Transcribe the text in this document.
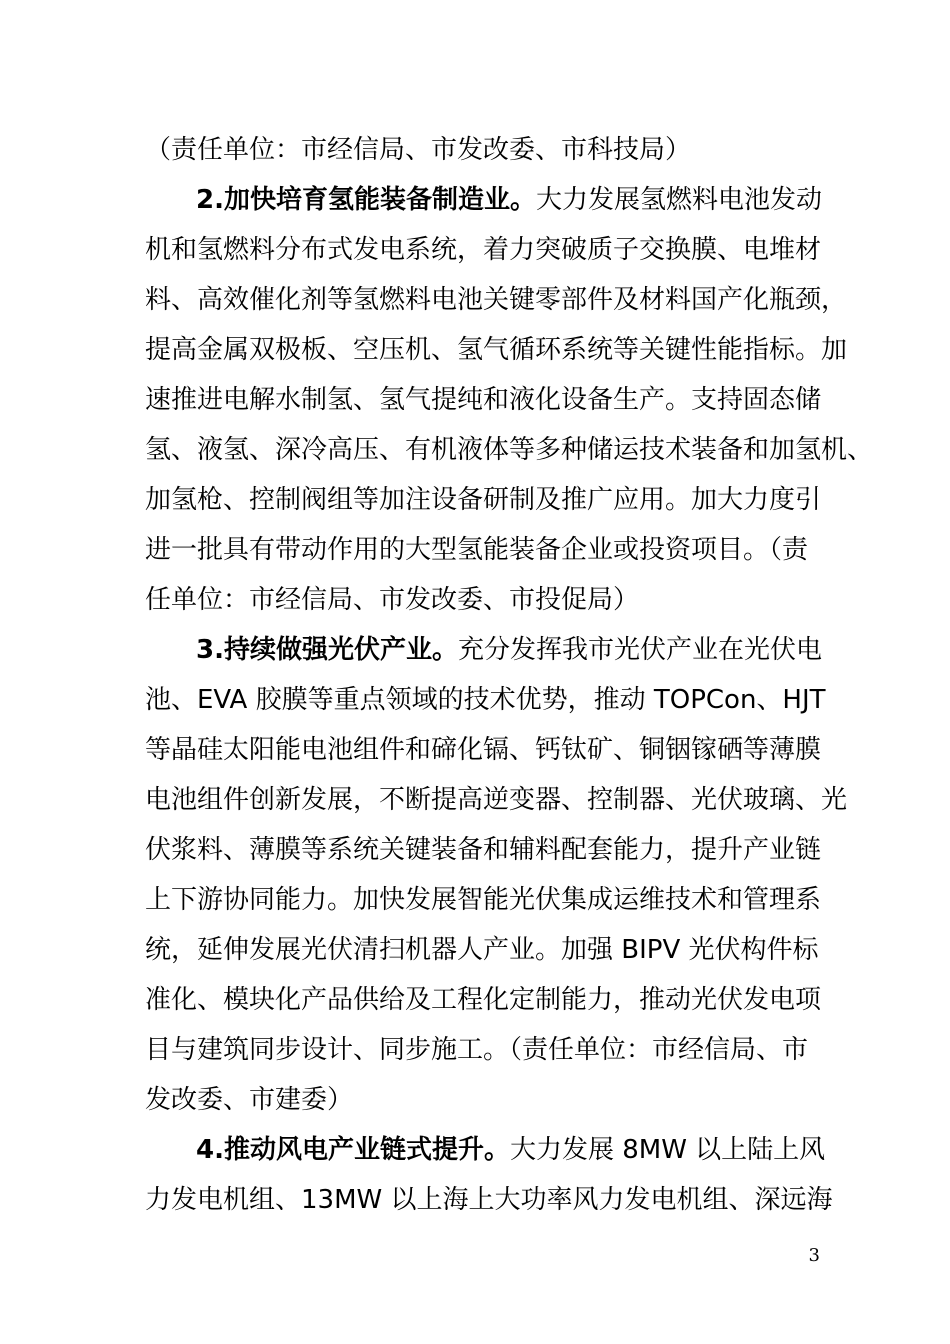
（责任单位：市经信局、市发改委、市科技局）
2.加快培育氢能装备制造业。大力发展氢燃料电池发动
机和氢燃料分布式发电系统，着力突破质子交换膜、电堆材
料、高效催化剂等氢燃料电池关键零部件及材料国产化瓶颈，
提高金属双极板、空压机、氢气循环系统等关键性能指标。加
速推进电解水制氢、氢气提纯和液化设备生产。支持固态储
氢、液氢、深冷高压、有机液体等多种储运技术装备和加氢机、
加氢枪、控制阀组等加注设备研制及推广应用。加大力度引
进一批具有带动作用的大型氢能装备企业或投资项目。（责
任单位：市经信局、市发改委、市投促局）
3.持续做强光伏产业。充分发挥我市光伏产业在光伏电
池、EVA 胶膜等重点领域的技术优势，推动 TOPCon、HJT
等晶硅太阳能电池组件和碲化镉、钙钛矿、铜铟镓硒等薄膜
电池组件创新发展，不断提高逆变器、控制器、光伏玻璃、光
伏浆料、薄膜等系统关键装备和辅料配套能力，提升产业链
上下游协同能力。加快发展智能光伏集成运维技术和管理系
统，延伸发展光伏清扫机器人产业。加强 BIPV 光伏构件标
准化、模块化产品供给及工程化定制能力，推动光伏发电项
目与建筑同步设计、同步施工。（责任单位：市经信局、市
发改委、市建委）
4.推动风电产业链式提升。大力发展 8MW 以上陆上风
力发电机组、13MW 以上海上大功率风力发电机组、深远海
3
